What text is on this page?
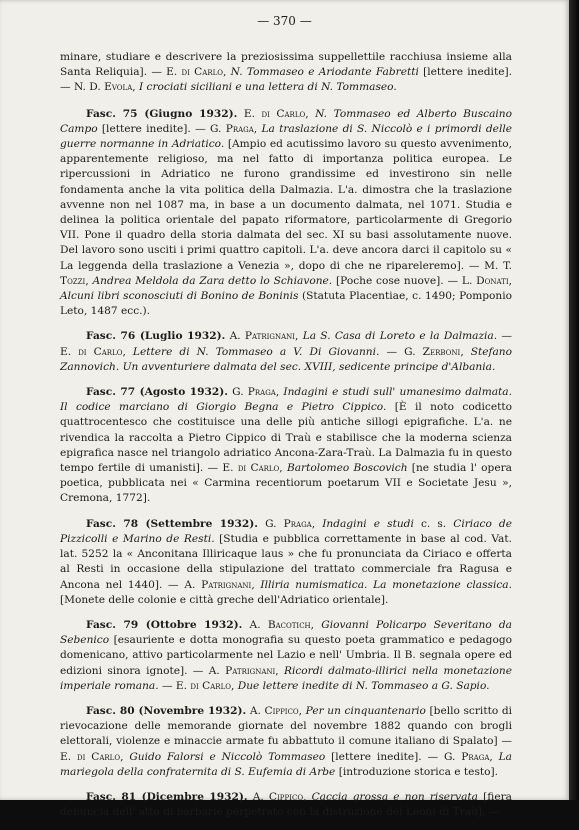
— 370 —

minare, studiare e descrivere la preziosissima suppellettile racchiusa insieme alla Santa Reliquia]. — E. di Carlo, N. Tommaseo e Ariodante Fabretti [lettere inedite]. — N. D. Evola, I crociati siciliani e una lettera di N. Tommaseo.

Fasc. 75 (Giugno 1932). E. di Carlo, N. Tommaseo ed Alberto Buscaino Campo [lettere inedite]. — G. Praga, La traslazione di S. Niccolò e i primordi delle guerre normanne in Adriatico. [Ampio ed acutissimo lavoro su questo avvenimento, apparentemente religioso, ma nel fatto di importanza politica europea. Le ripercussioni in Adriatico ne furono grandissime ed investirono sin nelle fondamenta anche la vita politica della Dalmazia. L'a. dimostra che la traslazione avvenne non nel 1087 ma, in base a un documento dalmata, nel 1071. Studia e delinea la politica orientale del papato riformatore, particolarmente di Gregorio VII. Pone il quadro della storia dalmata del sec. XI su basi assolutamente nuove. Del lavoro sono usciti i primi quattro capitoli. L'a. deve ancora darci il capitolo su « La leggenda della traslazione a Venezia », dopo di che ne ripareleremo]. — M. T. Tozzi, Andrea Meldola da Zara detto lo Schiavone. [Poche cose nuove]. — L. Donati, Alcuni libri sconosciuti di Bonino de Boninis (Statuta Placentiae, c. 1490; Pomponio Leto, 1487 ecc.).

Fasc. 76 (Luglio 1932). A. Patrignani, La S. Casa di Loreto e la Dalmazia. — E. di Carlo, Lettere di N. Tommaseo a V. Di Giovanni. — G. Zerboni, Stefano Zannovich. Un avventuriere dalmata del sec. XVIII, sedicente principe d'Albania.

Fasc. 77 (Agosto 1932). G. Praga, Indagini e studi sull' umanesimo dalmata. Il codice marciano di Giorgio Begna e Pietro Cippico. [È il noto codicetto quattrocentesco che costituisce una delle più antiche sillogi epigrafiche. L'a. ne rivendica la raccolta a Pietro Cippico di Traù e stabilisce che la moderna scienza epigrafica nasce nel triangolo adriatico Ancona-Zara-Traù. La Dalmazia fu in questo tempo fertile di umanisti]. — E. di Carlo, Bartolomeo Boscovich [ne studia l' opera poetica, pubblicata nei « Carmina recentiorum poetarum VII e Societate Jesu », Cremona, 1772].

Fasc. 78 (Settembre 1932). G. Praga, Indagini e studi c. s. Ciriaco de Pizzicolli e Marino de Resti. [Studia e pubblica correttamente in base al cod. Vat. lat. 5252 la « Anconitana Illiricaque laus » che fu pronunciata da Ciriaco e offerta al Resti in occasione della stipulazione del trattato commerciale fra Ragusa e Ancona nel 1440]. — A. Patrignani, Illiria numismatica. La monetazione classica. [Monete delle colonie e città greche dell'Adriatico orientale].

Fasc. 79 (Ottobre 1932). A. Bacotich, Giovanni Policarpo Severitano da Sebenico [esauriente e dotta monografia su questo poeta grammatico e pedagogo domenicano, attivo particolarmente nel Lazio e nell' Umbria. Il B. segnala opere ed edizioni sinora ignote]. — A. Patrignani, Ricordi dalmato-illirici nella monetazione imperiale romana. — E. di Carlo, Due lettere inedite di N. Tommaseo a G. Sapio.

Fasc. 80 (Novembre 1932). A. Cippico, Per un cinquantenario [bello scritto di rievocazione delle memorande giornate del novembre 1882 quando con brogli elettorali, violenze e minaccie armate fu abbattuto il comune italiano di Spalato] — E. di Carlo, Guido Falorsi e Niccolò Tommaseo [lettere inedite]. — G. Praga, La mariegola della confraternita di S. Eufemia di Arbe [introduzione storica e testo].

Fasc. 81 (Dicembre 1932). A. Cippico, Caccia grossa e non riservata [fiera denuncia dell' atto di barbarie perpetrato con la distruzione dei Leoni di Traù]. —
